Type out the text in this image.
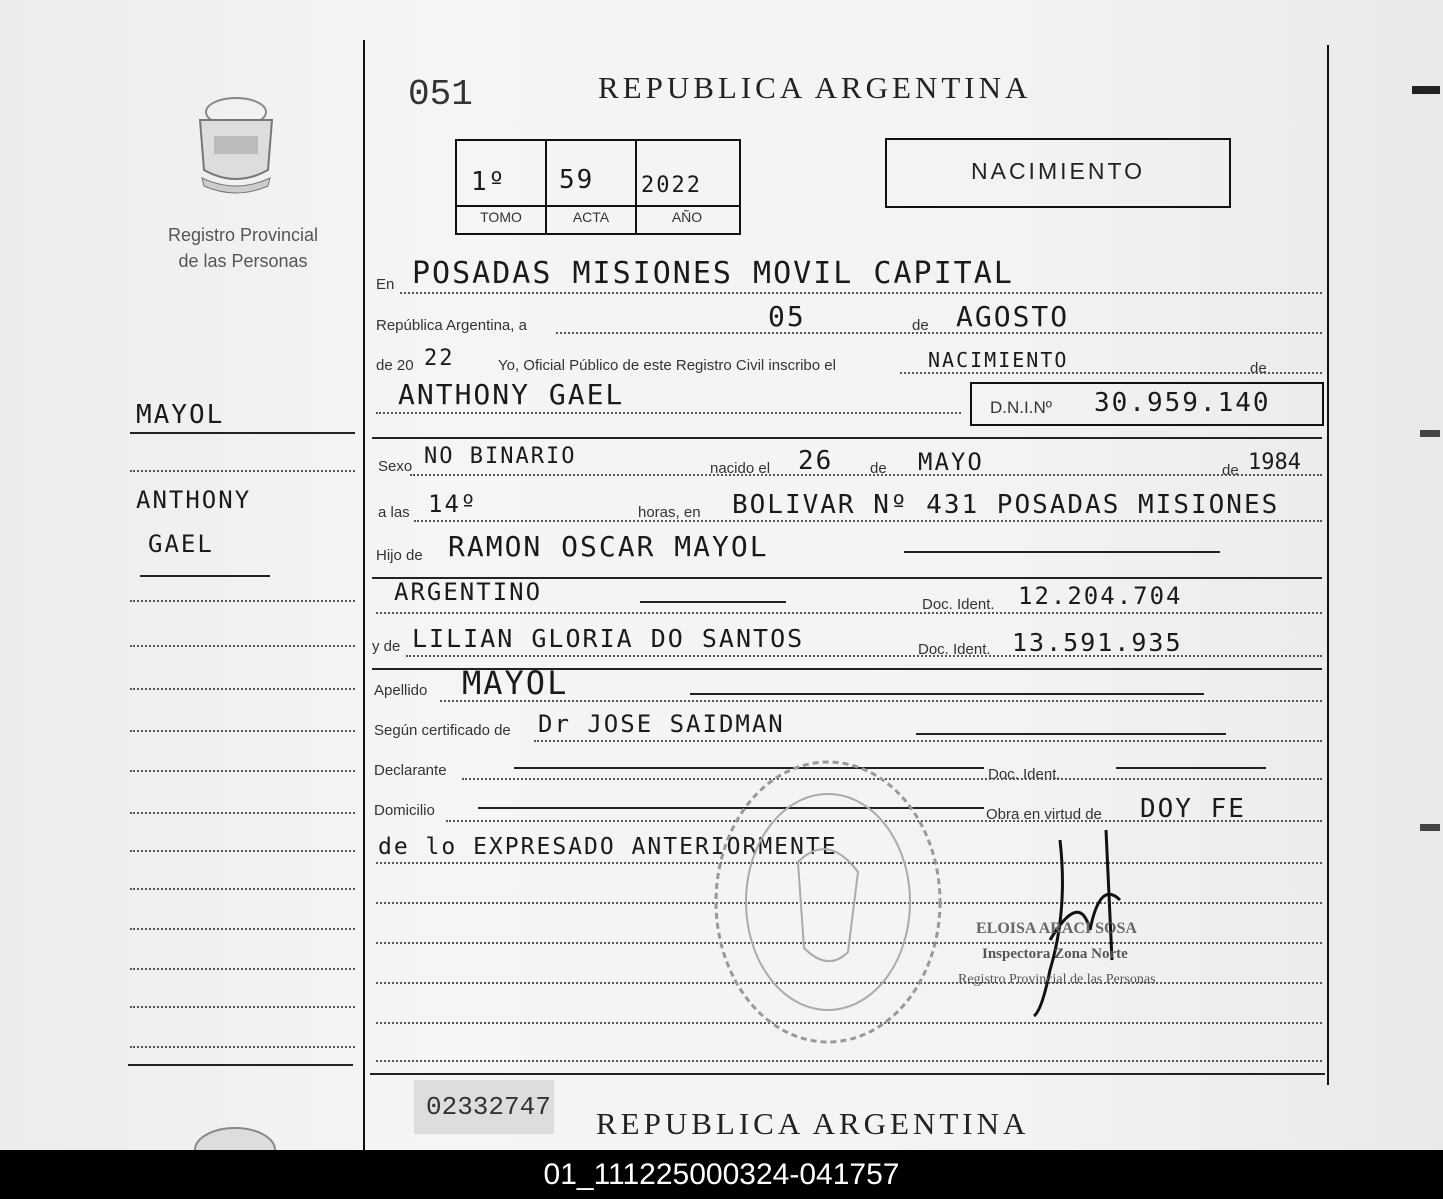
Registro Provincial
de las Personas
MAYOL
ANTHONY
GAEL
051	REPUBLICA ARGENTINA
1º 59 2022
TOMO	ACTA	AÑO
NACIMIENTO
En POSADAS MISIONES MOVIL CAPITAL
República Argentina, a	05	de AGOSTO
de 20 22	Yo, Oficial Público de este Registro Civil inscribo el	NACIMIENTO	de
ANTHONY GAEL	D.N.I.Nº 30.959.140
Sexo NO BINARIO	nacido el 26 de MAYO	de 1984
a las 14º	horas, en BOLIVAR Nº 431 POSADAS MISIONES
Hijo de RAMON OSCAR MAYOL
ARGENTINO	Doc. Ident. 12.204.704
y de LILIAN GLORIA DO SANTOS	Doc. Ident. 13.591.935
Apellido MAYOL
Según certificado de Dr JOSE SAIDMAN
Declarante	Doc. Ident.
Domicilio	Obra en virtud de DOY FE
de lo EXPRESADO ANTERIORMENTE
ELOISA ARACI SOSA
Inspectora Zona Norte
Registro Provincial de las Personas
02332747 REPUBLICA ARGENTINA
01_111225000324-041757
